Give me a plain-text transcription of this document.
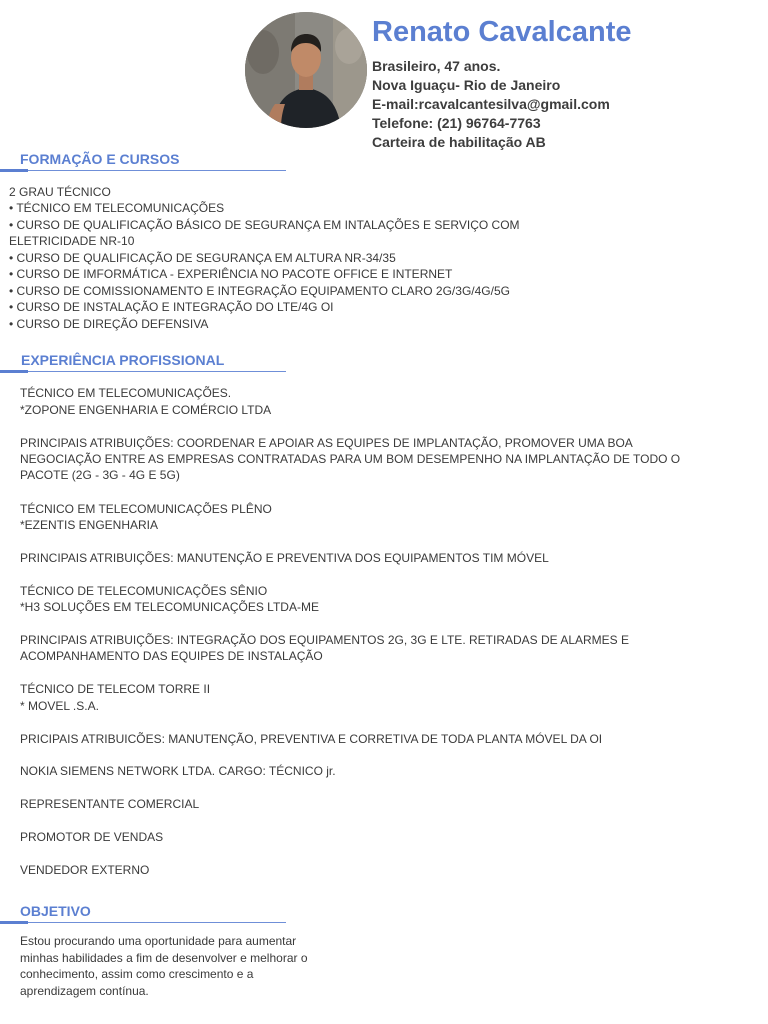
Renato Cavalcante
Brasileiro, 47 anos.
Nova Iguaçu- Rio de Janeiro
E-mail:rcavalcantesilva@gmail.com
Telefone: (21) 96764-7763
Carteira de habilitação AB
FORMAÇÃO E CURSOS
2 GRAU TÉCNICO
• TÉCNICO EM TELECOMUNICAÇÕES
• CURSO DE QUALIFICAÇÃO BÁSICO DE SEGURANÇA EM INTALAÇÕES E SERVIÇO COM
ELETRICIDADE NR-10
• CURSO DE QUALIFICAÇÃO DE SEGURANÇA EM ALTURA NR-34/35
• CURSO DE IMFORMÁTICA - EXPERIÊNCIA NO PACOTE OFFICE E INTERNET
• CURSO DE COMISSIONAMENTO E INTEGRAÇÃO EQUIPAMENTO CLARO 2G/3G/4G/5G
• CURSO DE INSTALAÇÃO E INTEGRAÇÃO DO LTE/4G OI
• CURSO DE DIREÇÃO DEFENSIVA
EXPERIÊNCIA PROFISSIONAL
TÉCNICO EM TELECOMUNICAÇÕES.
*ZOPONE ENGENHARIA E COMÉRCIO LTDA
PRINCIPAIS ATRIBUIÇÕES: COORDENAR E APOIAR AS EQUIPES DE IMPLANTAÇÃO, PROMOVER UMA BOA
NEGOCIAÇÃO ENTRE AS EMPRESAS CONTRATADAS PARA UM BOM DESEMPENHO NA IMPLANTAÇÃO DE TODO O
PACOTE (2G - 3G - 4G E 5G)
TÉCNICO EM TELECOMUNICAÇÕES PLÊNO
*EZENTIS ENGENHARIA
PRINCIPAIS ATRIBUIÇÕES: MANUTENÇÃO E PREVENTIVA DOS EQUIPAMENTOS TIM MÓVEL
TÉCNICO DE TELECOMUNICAÇÕES SÊNIO
*H3 SOLUÇÕES EM TELECOMUNICAÇÕES LTDA-ME
PRINCIPAIS ATRIBUIÇÕES: INTEGRAÇÃO DOS EQUIPAMENTOS 2G, 3G E LTE. RETIRADAS DE ALARMES E
ACOMPANHAMENTO DAS EQUIPES DE INSTALAÇÃO
TÉCNICO DE TELECOM TORRE II
* MOVEL .S.A.
PRICIPAIS ATRIBUICÕES: MANUTENÇÃO, PREVENTIVA E CORRETIVA DE TODA PLANTA MÓVEL DA OI
NOKIA SIEMENS NETWORK LTDA. CARGO: TÉCNICO jr.
REPRESENTANTE COMERCIAL
PROMOTOR DE VENDAS
VENDEDOR EXTERNO
OBJETIVO
Estou procurando uma oportunidade para aumentar
minhas habilidades a fim de desenvolver e melhorar o
conhecimento, assim como crescimento e a
aprendizagem contínua.
